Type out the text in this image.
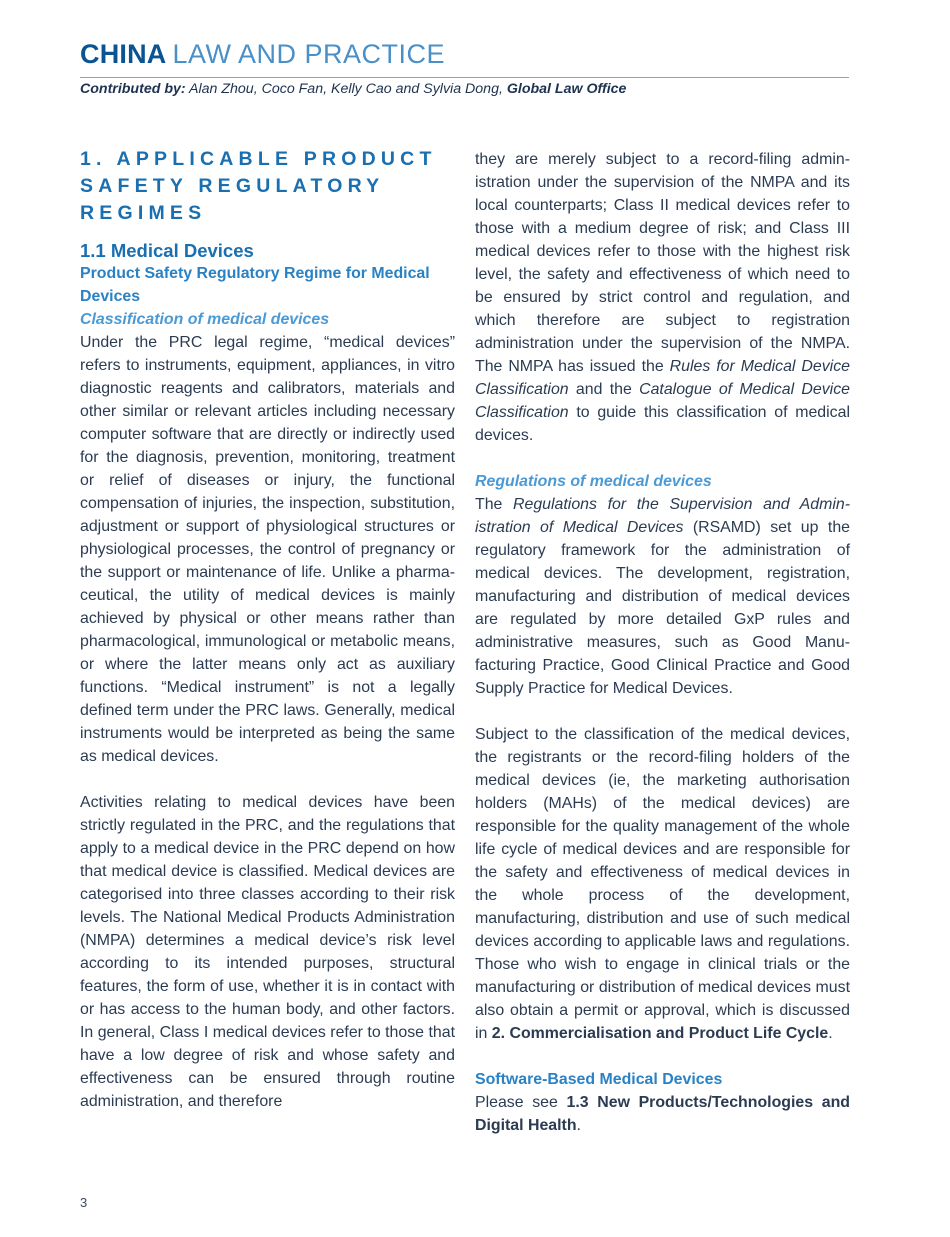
CHINA LAW AND PRACTICE
Contributed by: Alan Zhou, Coco Fan, Kelly Cao and Sylvia Dong, Global Law Office
1. APPLICABLE PRODUCT SAFETY REGULATORY REGIMES
1.1 Medical Devices
Product Safety Regulatory Regime for Medical Devices
Classification of medical devices

Under the PRC legal regime, “medical devices” refers to instruments, equipment, appliances, in vitro diagnostic reagents and calibrators, materials and other similar or relevant articles including necessary computer software that are directly or indirectly used for the diagnosis, prevention, monitoring, treatment or relief of diseases or injury, the functional compensation of injuries, the inspection, substitution, adjustment or support of physiological structures or physiological processes, the control of pregnancy or the support or maintenance of life. Unlike a pharmaceutical, the utility of medical devices is mainly achieved by physical or other means rather than pharmacological, immunological or metabolic means, or where the latter means only act as auxiliary functions. “Medical instrument” is not a legally defined term under the PRC laws. Generally, medical instruments would be interpreted as being the same as medical devices.

Activities relating to medical devices have been strictly regulated in the PRC, and the regulations that apply to a medical device in the PRC depend on how that medical device is classified. Medical devices are categorised into three classes according to their risk levels. The National Medical Products Administration (NMPA) determines a medical device’s risk level according to its intended purposes, structural features, the form of use, whether it is in contact with or has access to the human body, and other factors. In general, Class I medical devices refer to those that have a low degree of risk and whose safety and effectiveness can be ensured through routine administration, and therefore

they are merely subject to a record-filing administration under the supervision of the NMPA and its local counterparts; Class II medical devices refer to those with a medium degree of risk; and Class III medical devices refer to those with the highest risk level, the safety and effectiveness of which need to be ensured by strict control and regulation, and which therefore are subject to registration administration under the supervision of the NMPA. The NMPA has issued the Rules for Medical Device Classification and the Catalogue of Medical Device Classification to guide this classification of medical devices.

Regulations of medical devices

The Regulations for the Supervision and Administration of Medical Devices (RSAMD) set up the regulatory framework for the administration of medical devices. The development, registration, manufacturing and distribution of medical devices are regulated by more detailed GxP rules and administrative measures, such as Good Manufacturing Practice, Good Clinical Practice and Good Supply Practice for Medical Devices.

Subject to the classification of the medical devices, the registrants or the record-filing holders of the medical devices (ie, the marketing authorisation holders (MAHs) of the medical devices) are responsible for the quality management of the whole life cycle of medical devices and are responsible for the safety and effectiveness of medical devices in the whole process of the development, manufacturing, distribution and use of such medical devices according to applicable laws and regulations. Those who wish to engage in clinical trials or the manufacturing or distribution of medical devices must also obtain a permit or approval, which is discussed in 2. Commercialisation and Product Life Cycle.

Software-Based Medical Devices

Please see 1.3 New Products/Technologies and Digital Health.

3
